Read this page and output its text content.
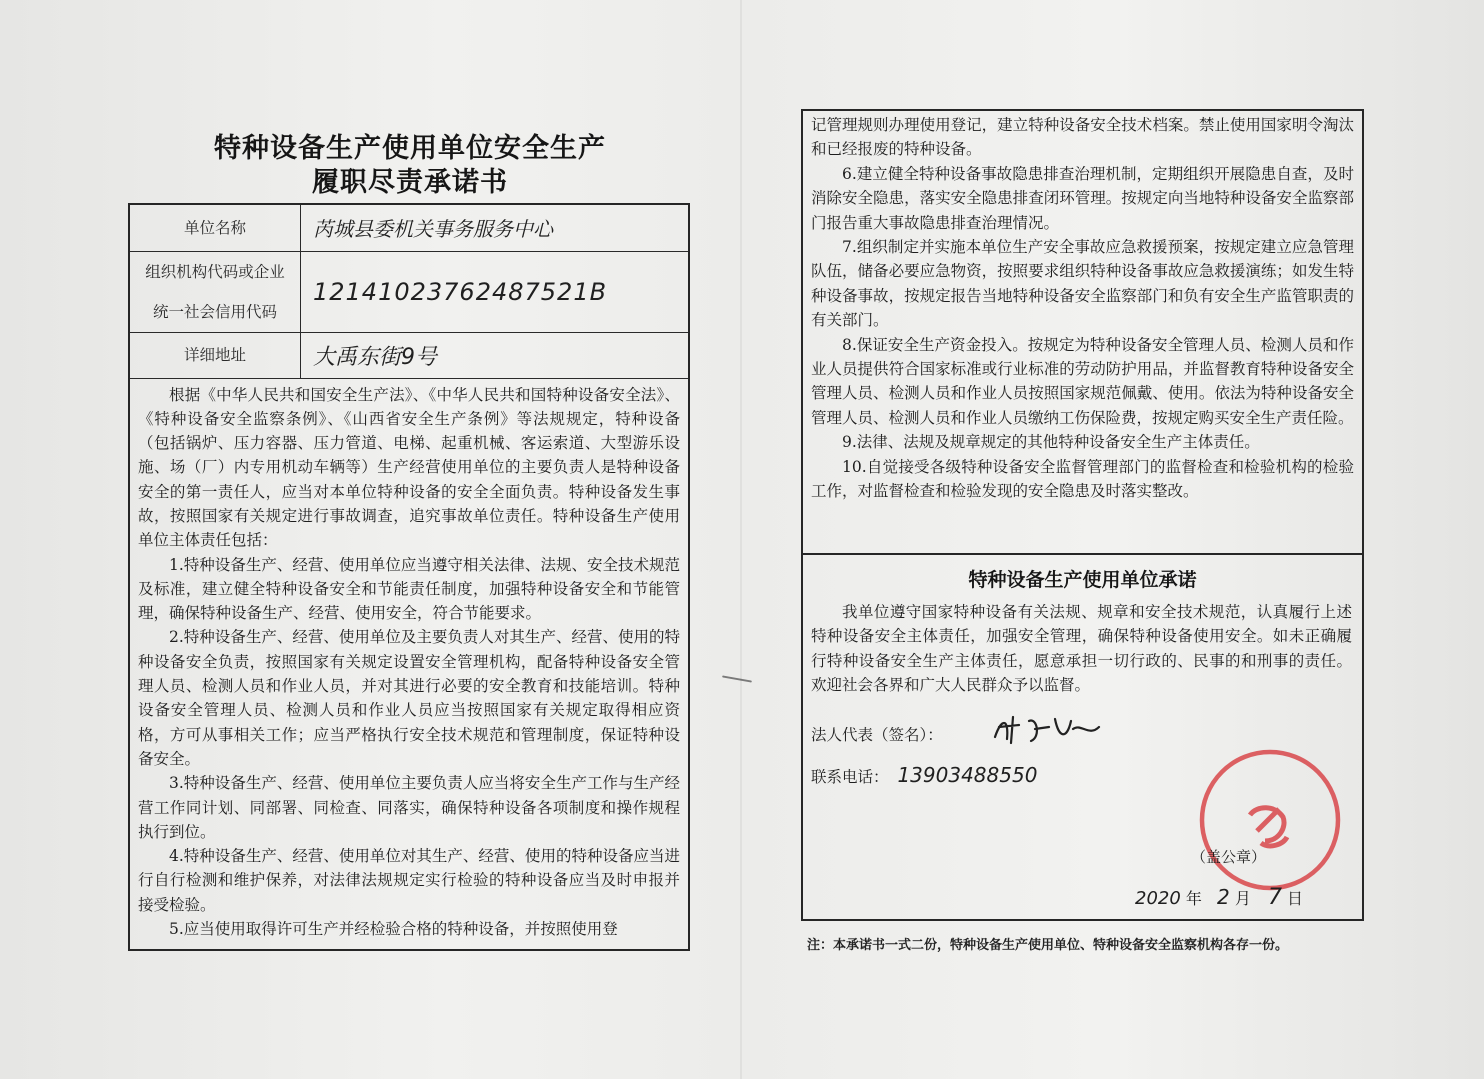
特种设备生产使用单位安全生产
履职尽责承诺书
单位名称	芮城县委机关事务服务中心

组织机构代码或企业
统一社会信用代码	12141023762487521B
详细地址	大禹东街9号

根据《中华人民共和国安全生产法》、《中华人民共和国特种设备安全法》、《特种设备安全监察条例》、《山西省安全生产条例》等法规规定，特种设备（包括锅炉、压力容器、压力管道、电梯、起重机械、客运索道、大型游乐设施、场（厂）内专用机动车辆等）生产经营使用单位的主要负责人是特种设备安全的第一责任人，应当对本单位特种设备的安全全面负责。特种设备发生事故，按照国家有关规定进行事故调查，追究事故单位责任。特种设备生产使用单位主体责任包括：

1.特种设备生产、经营、使用单位应当遵守相关法律、法规、安全技术规范及标准，建立健全特种设备安全和节能责任制度，加强特种设备安全和节能管理，确保特种设备生产、经营、使用安全，符合节能要求。

2.特种设备生产、经营、使用单位及主要负责人对其生产、经营、使用的特种设备安全负责，按照国家有关规定设置安全管理机构，配备特种设备安全管理人员、检测人员和作业人员，并对其进行必要的安全教育和技能培训。特种设备安全管理人员、检测人员和作业人员应当按照国家有关规定取得相应资格，方可从事相关工作；应当严格执行安全技术规范和管理制度，保证特种设备安全。

3.特种设备生产、经营、使用单位主要负责人应当将安全生产工作与生产经营工作同计划、同部署、同检查、同落实，确保特种设备各项制度和操作规程执行到位。

4.特种设备生产、经营、使用单位对其生产、经营、使用的特种设备应当进行自行检测和维护保养，对法律法规规定实行检验的特种设备应当及时申报并接受检验。

5.应当使用取得许可生产并经检验合格的特种设备，并按照使用登

记管理规则办理使用登记，建立特种设备安全技术档案。禁止使用国家明令淘汰和已经报废的特种设备。

6.建立健全特种设备事故隐患排查治理机制，定期组织开展隐患自查，及时消除安全隐患，落实安全隐患排查闭环管理。按规定向当地特种设备安全监察部门报告重大事故隐患排查治理情况。

7.组织制定并实施本单位生产安全事故应急救援预案，按规定建立应急管理队伍，储备必要应急物资，按照要求组织特种设备事故应急救援演练；如发生特种设备事故，按规定报告当地特种设备安全监察部门和负有安全生产监管职责的有关部门。

8.保证安全生产资金投入。按规定为特种设备安全管理人员、检测人员和作业人员提供符合国家标准或行业标准的劳动防护用品，并监督教育特种设备安全管理人员、检测人员和作业人员按照国家规范佩戴、使用。依法为特种设备安全管理人员、检测人员和作业人员缴纳工伤保险费，按规定购买安全生产责任险。

9.法律、法规及规章规定的其他特种设备安全生产主体责任。

10.自觉接受各级特种设备安全监督管理部门的监督检查和检验机构的检验工作，对监督检查和检验发现的安全隐患及时落实整改。

特种设备生产使用单位承诺

我单位遵守国家特种设备有关法规、规章和安全技术规范，认真履行上述特种设备安全主体责任，加强安全管理，确保特种设备使用安全。如未正确履行特种设备安全生产主体责任，愿意承担一切行政的、民事的和刑事的责任。欢迎社会各界和广大人民群众予以监督。

法人代表（签名）：
联系电话： 13903488550
（盖公章）
2020 年 2 月 7 日
注：本承诺书一式二份，特种设备生产使用单位、特种设备安全监察机构各存一份。
